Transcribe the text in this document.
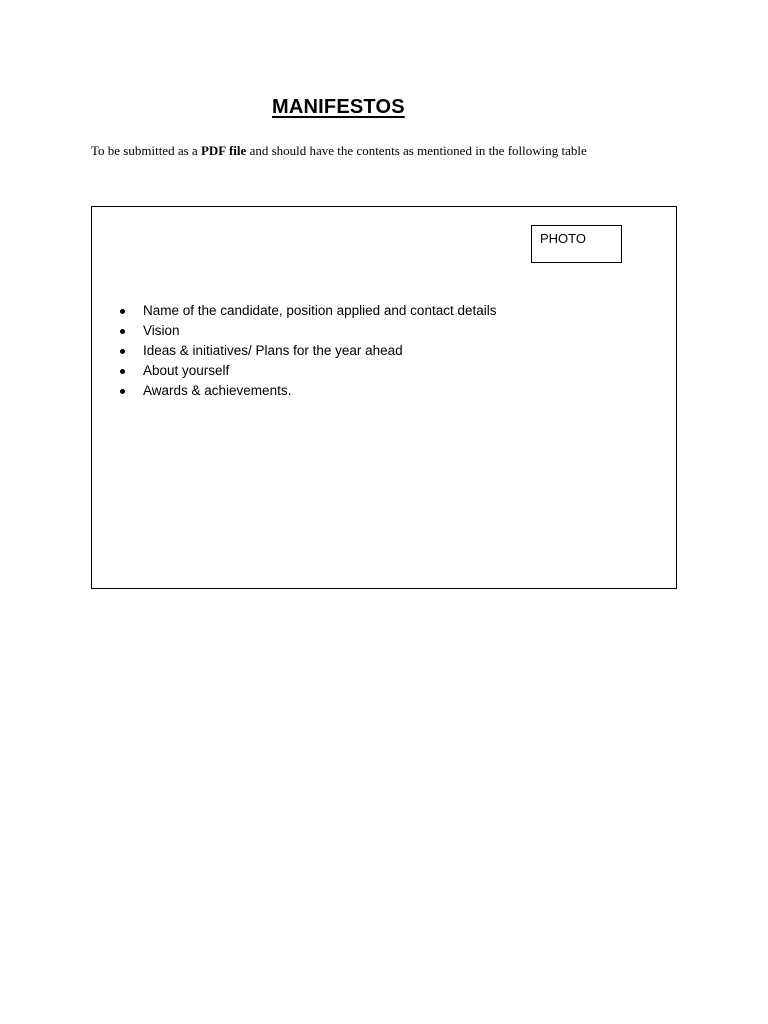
MANIFESTOS

To be submitted as a PDF file and should have the contents as mentioned in the following table

PHOTO
Name of the candidate, position applied and contact details
Vision
Ideas & initiatives/ Plans for the year ahead
About yourself
Awards & achievements.
